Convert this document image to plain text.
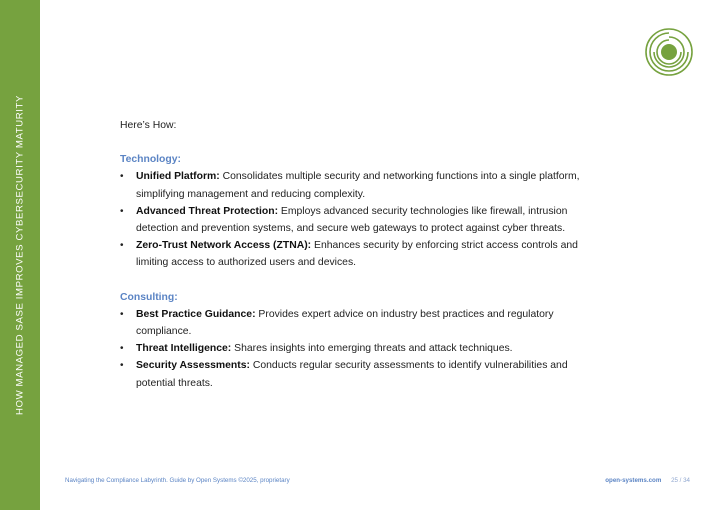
HOW MANAGED SASE IMPROVES CYBERSECURITY MATURITY	Here’s How:

Technology:

• Unified Platform: Consolidates multiple security and networking functions into a single platform, simplifying management and reducing complexity.
• Advanced Threat Protection: Employs advanced security technologies like firewall, intrusion detection and prevention systems, and secure web gateways to protect against cyber threats.
• Zero-Trust Network Access (ZTNA): Enhances security by enforcing strict access controls and limiting access to authorized users and devices.

Consulting:

• Best Practice Guidance: Provides expert advice on industry best practices and regulatory compliance.
• Threat Intelligence: Shares insights into emerging threats and attack techniques.
• Security Assessments: Conducts regular security assessments to identify vulnerabilities and potential threats.
Navigating the Compliance Labyrinth. Guide by Open Systems ©2025, proprietary	open-systems.com 25 / 34
